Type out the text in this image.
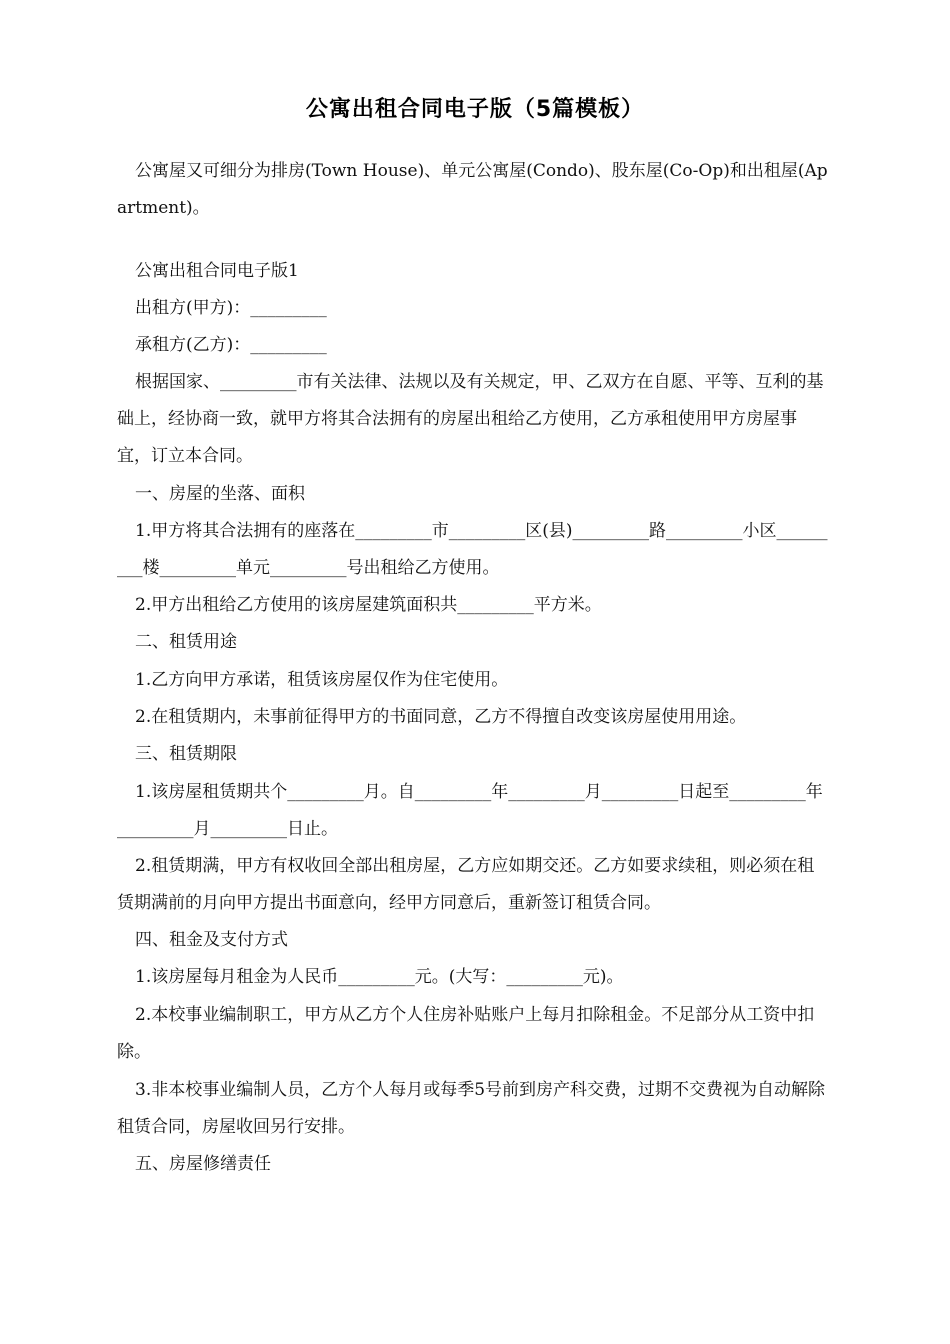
公寓出租合同电子版（5篇模板）

公寓屋又可细分为排房(Town House)、单元公寓屋(Condo)、股东屋(Co-Op)和出租屋(Apartment)。

公寓出租合同电子版1

出租方(甲方)：_________

承租方(乙方)：_________

根据国家、_________市有关法律、法规以及有关规定，甲、乙双方在自愿、平等、互利的基础上，经协商一致，就甲方将其合法拥有的房屋出租给乙方使用，乙方承租使用甲方房屋事宜，订立本合同。

一、房屋的坐落、面积

1.甲方将其合法拥有的座落在_________市_________区(县)_________路_________小区_________楼_________单元_________号出租给乙方使用。

2.甲方出租给乙方使用的该房屋建筑面积共_________平方米。

二、租赁用途

1.乙方向甲方承诺，租赁该房屋仅作为住宅使用。

2.在租赁期内，未事前征得甲方的书面同意，乙方不得擅自改变该房屋使用用途。

三、租赁期限

1.该房屋租赁期共个_________月。自_________年_________月_________日起至_________年_________月_________日止。

2.租赁期满，甲方有权收回全部出租房屋，乙方应如期交还。乙方如要求续租，则必须在租赁期满前的月向甲方提出书面意向，经甲方同意后，重新签订租赁合同。

四、租金及支付方式

1.该房屋每月租金为人民币_________元。(大写：_________元)。

2.本校事业编制职工，甲方从乙方个人住房补贴账户上每月扣除租金。不足部分从工资中扣除。

3.非本校事业编制人员，乙方个人每月或每季5号前到房产科交费，过期不交费视为自动解除租赁合同，房屋收回另行安排。

五、房屋修缮责任
